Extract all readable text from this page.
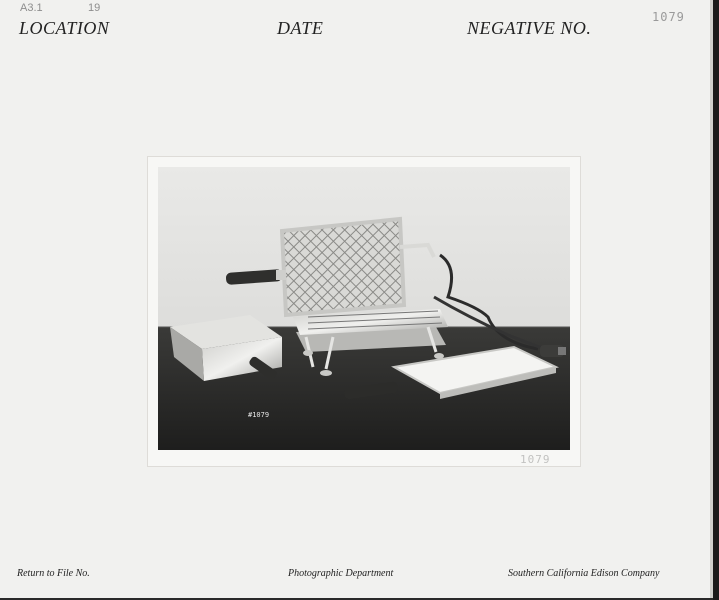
A3.1	19
1079
LOCATION	DATE	NEGATIVE NO.
#1079
1079
Return to File No.	Photographic Department	Southern California Edison Company
